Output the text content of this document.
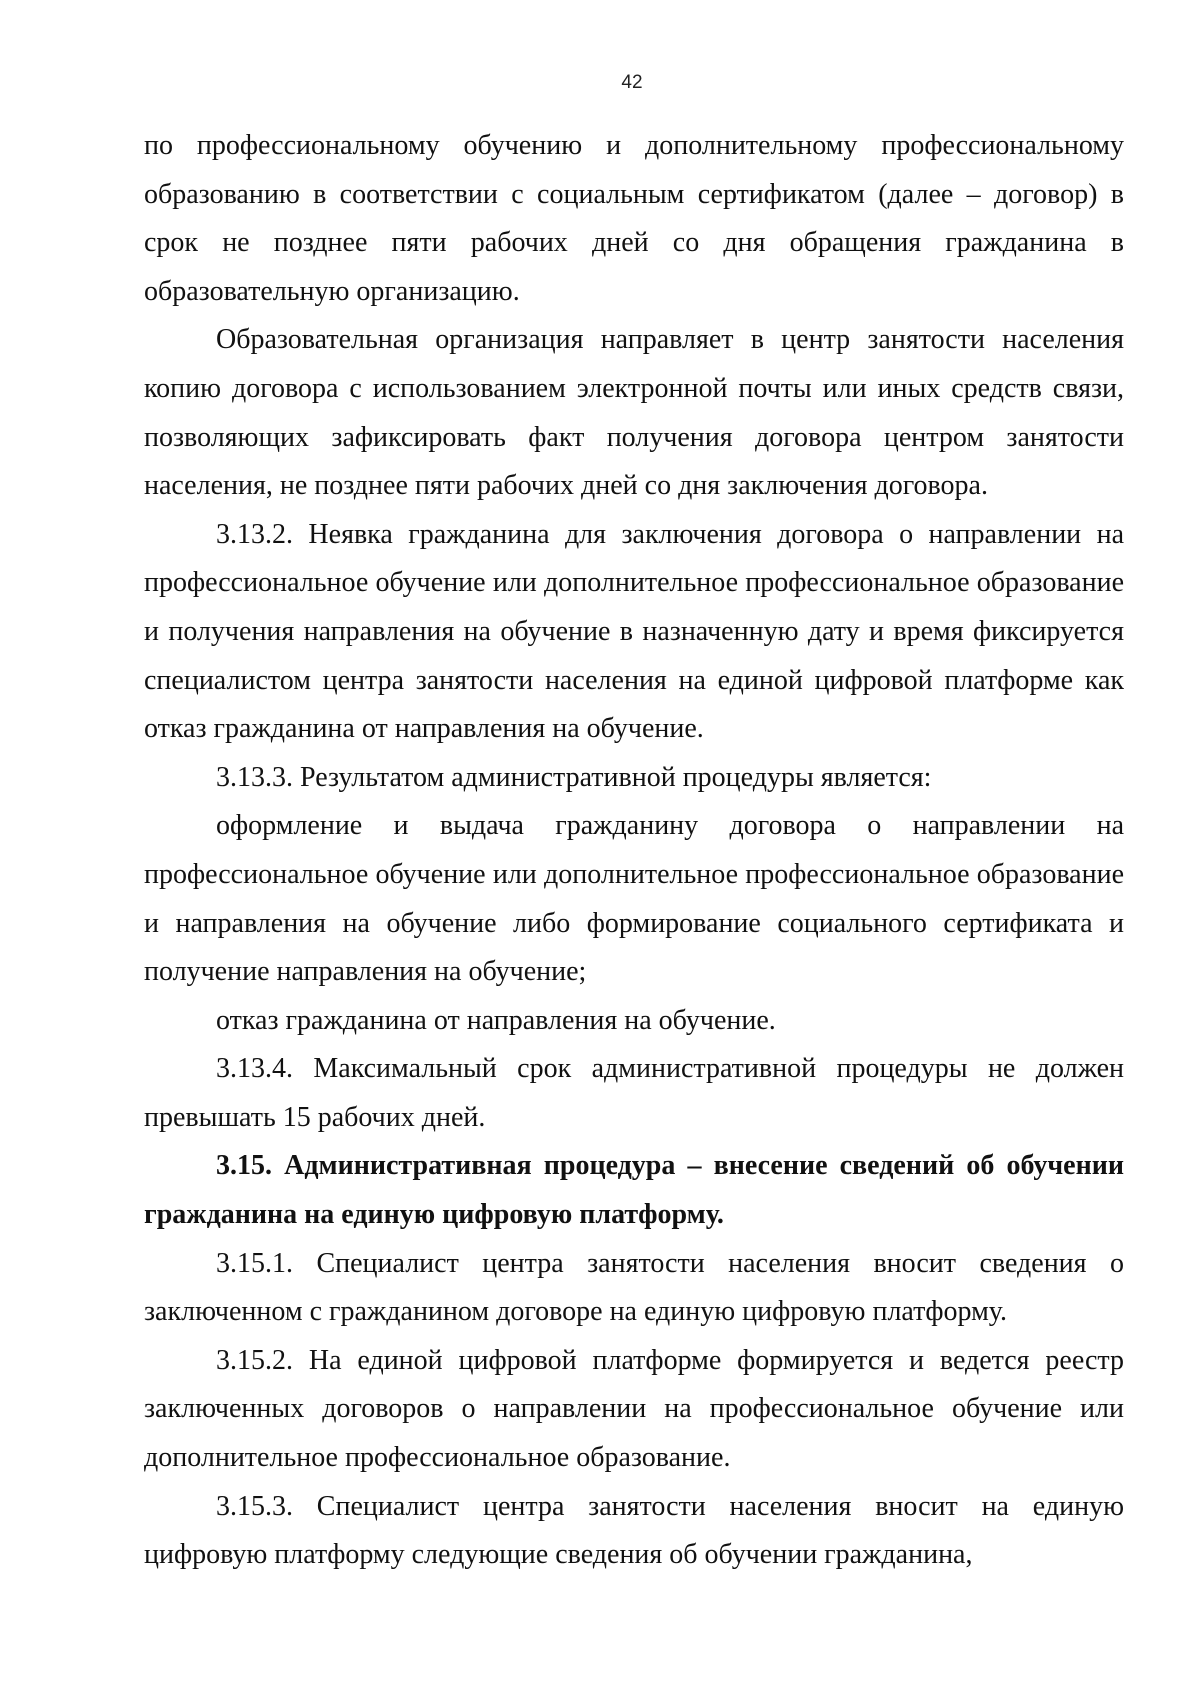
42

по профессиональному обучению и дополнительному профессиональному образованию в соответствии с социальным сертификатом (далее – договор) в срок не позднее пяти рабочих дней со дня обращения гражданина в образовательную организацию.

Образовательная организация направляет в центр занятости населения копию договора с использованием электронной почты или иных средств связи, позволяющих зафиксировать факт получения договора центром занятости населения, не позднее пяти рабочих дней со дня заключения договора.

3.13.2. Неявка гражданина для заключения договора о направлении на профессиональное обучение или дополнительное профессиональное образование и получения направления на обучение в назначенную дату и время фиксируется специалистом центра занятости населения на единой цифровой платформе как отказ гражданина от направления на обучение.

3.13.3. Результатом административной процедуры является:

оформление и выдача гражданину договора о направлении на профессиональное обучение или дополнительное профессиональное образование и направления на обучение либо формирование социального сертификата и получение направления на обучение;

отказ гражданина от направления на обучение.

3.13.4. Максимальный срок административной процедуры не должен превышать 15 рабочих дней.

3.15. Административная процедура – внесение сведений об обучении гражданина на единую цифровую платформу.

3.15.1. Специалист центра занятости населения вносит сведения о заключенном с гражданином договоре на единую цифровую платформу.

3.15.2. На единой цифровой платформе формируется и ведется реестр заключенных договоров о направлении на профессиональное обучение или дополнительное профессиональное образование.

3.15.3. Специалист центра занятости населения вносит на единую цифровую платформу следующие сведения об обучении гражданина,
